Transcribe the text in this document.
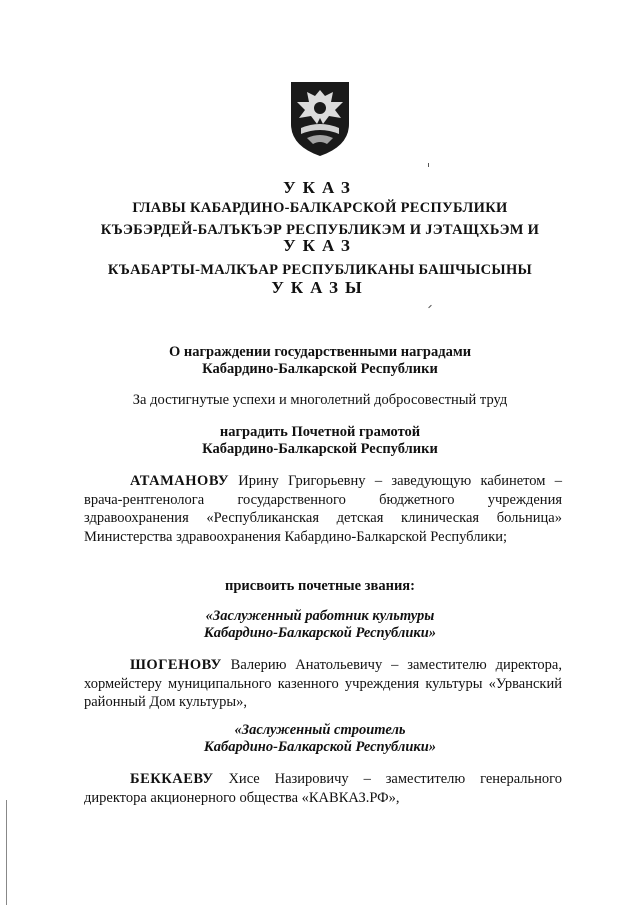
УКАЗ
ГЛАВЫ КАБАРДИНО-БАЛКАРСКОЙ РЕСПУБЛИКИ
КЪЭБЭРДЕЙ-БАЛЪКЪЭР РЕСПУБЛИКЭМ И ЈЭТАЩХЬЭМ И
УКАЗ
КЪАБАРТЫ-МАЛКЪАР РЕСПУБЛИКАНЫ БАШЧЫСЫНЫ
УКАЗЫ
О награждении государственными наградами
Кабардино-Балкарской Республики
За достигнутые успехи и многолетний добросовестный труд
наградить Почетной грамотой
Кабардино-Балкарской Республики
АТАМАНОВУ Ирину Григорьевну – заведующую кабинетом – врача-рентгенолога государственного бюджетного учреждения здравоохранения «Республиканская детская клиническая больница» Министерства здравоохранения Кабардино-Балкарской Республики;
присвоить почетные звания:
«Заслуженный работник культуры
Кабардино-Балкарской Республики»
ШОГЕНОВУ Валерию Анатольевичу – заместителю директора, хормейстеру муниципального казенного учреждения культуры «Урванский районный Дом культуры»,
«Заслуженный строитель
Кабардино-Балкарской Республики»
БЕККАЕВУ Хисе Назировичу – заместителю генерального директора акционерного общества «КАВКАЗ.РФ»,
